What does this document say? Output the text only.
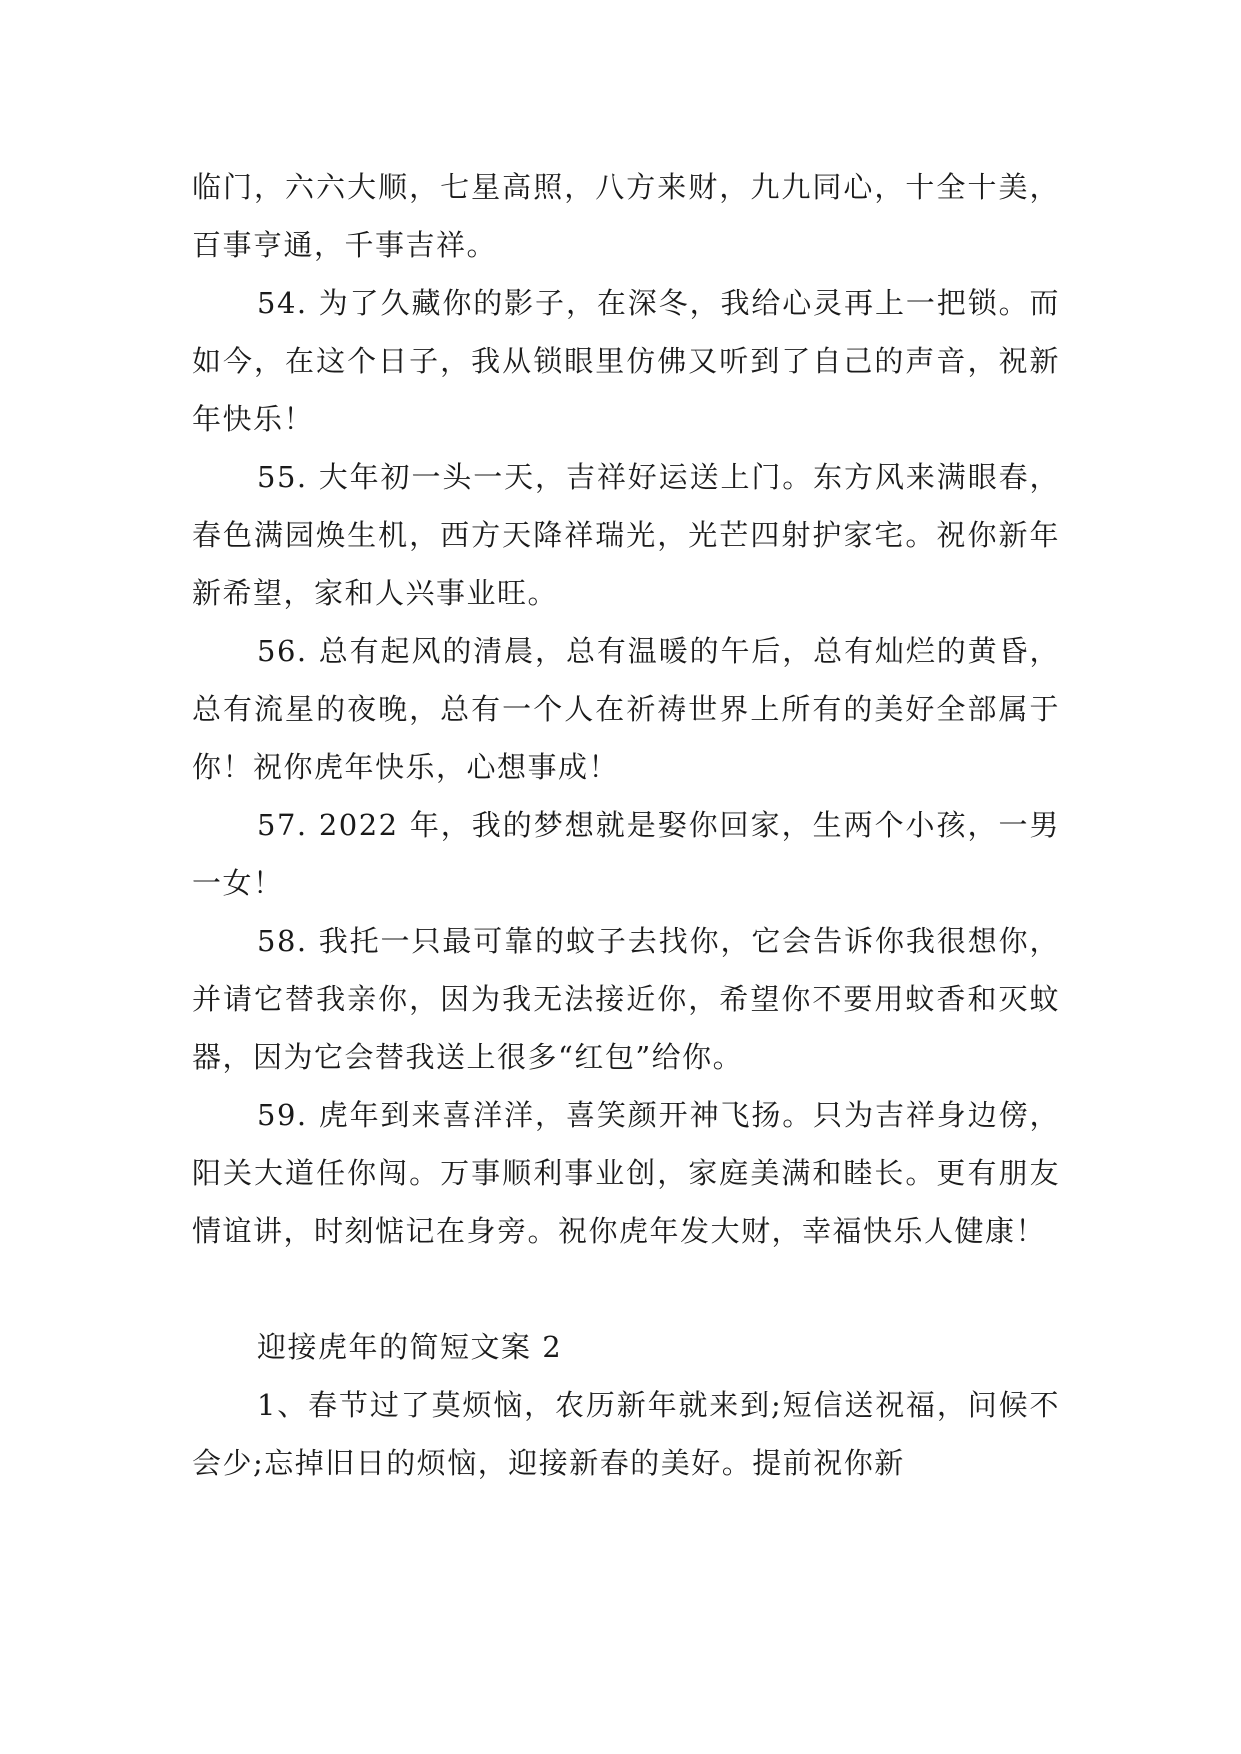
临门，六六大顺，七星高照，八方来财，九九同心，十全十美，百事亨通，千事吉祥。

54. 为了久藏你的影子，在深冬，我给心灵再上一把锁。而如今，在这个日子，我从锁眼里仿佛又听到了自己的声音，祝新年快乐！

55. 大年初一头一天，吉祥好运送上门。东方风来满眼春，春色满园焕生机，西方天降祥瑞光，光芒四射护家宅。祝你新年新希望，家和人兴事业旺。

56. 总有起风的清晨，总有温暖的午后，总有灿烂的黄昏，总有流星的夜晚，总有一个人在祈祷世界上所有的美好全部属于你！祝你虎年快乐，心想事成！

57. 2022 年，我的梦想就是娶你回家，生两个小孩，一男一女！

58. 我托一只最可靠的蚊子去找你，它会告诉你我很想你，并请它替我亲你，因为我无法接近你，希望你不要用蚊香和灭蚊器，因为它会替我送上很多“红包”给你。

59. 虎年到来喜洋洋，喜笑颜开神飞扬。只为吉祥身边傍，阳关大道任你闯。万事顺利事业创，家庭美满和睦长。更有朋友情谊讲，时刻惦记在身旁。祝你虎年发大财，幸福快乐人健康！

迎接虎年的简短文案 2

1、春节过了莫烦恼，农历新年就来到;短信送祝福，问候不会少;忘掉旧日的烦恼，迎接新春的美好。提前祝你新
